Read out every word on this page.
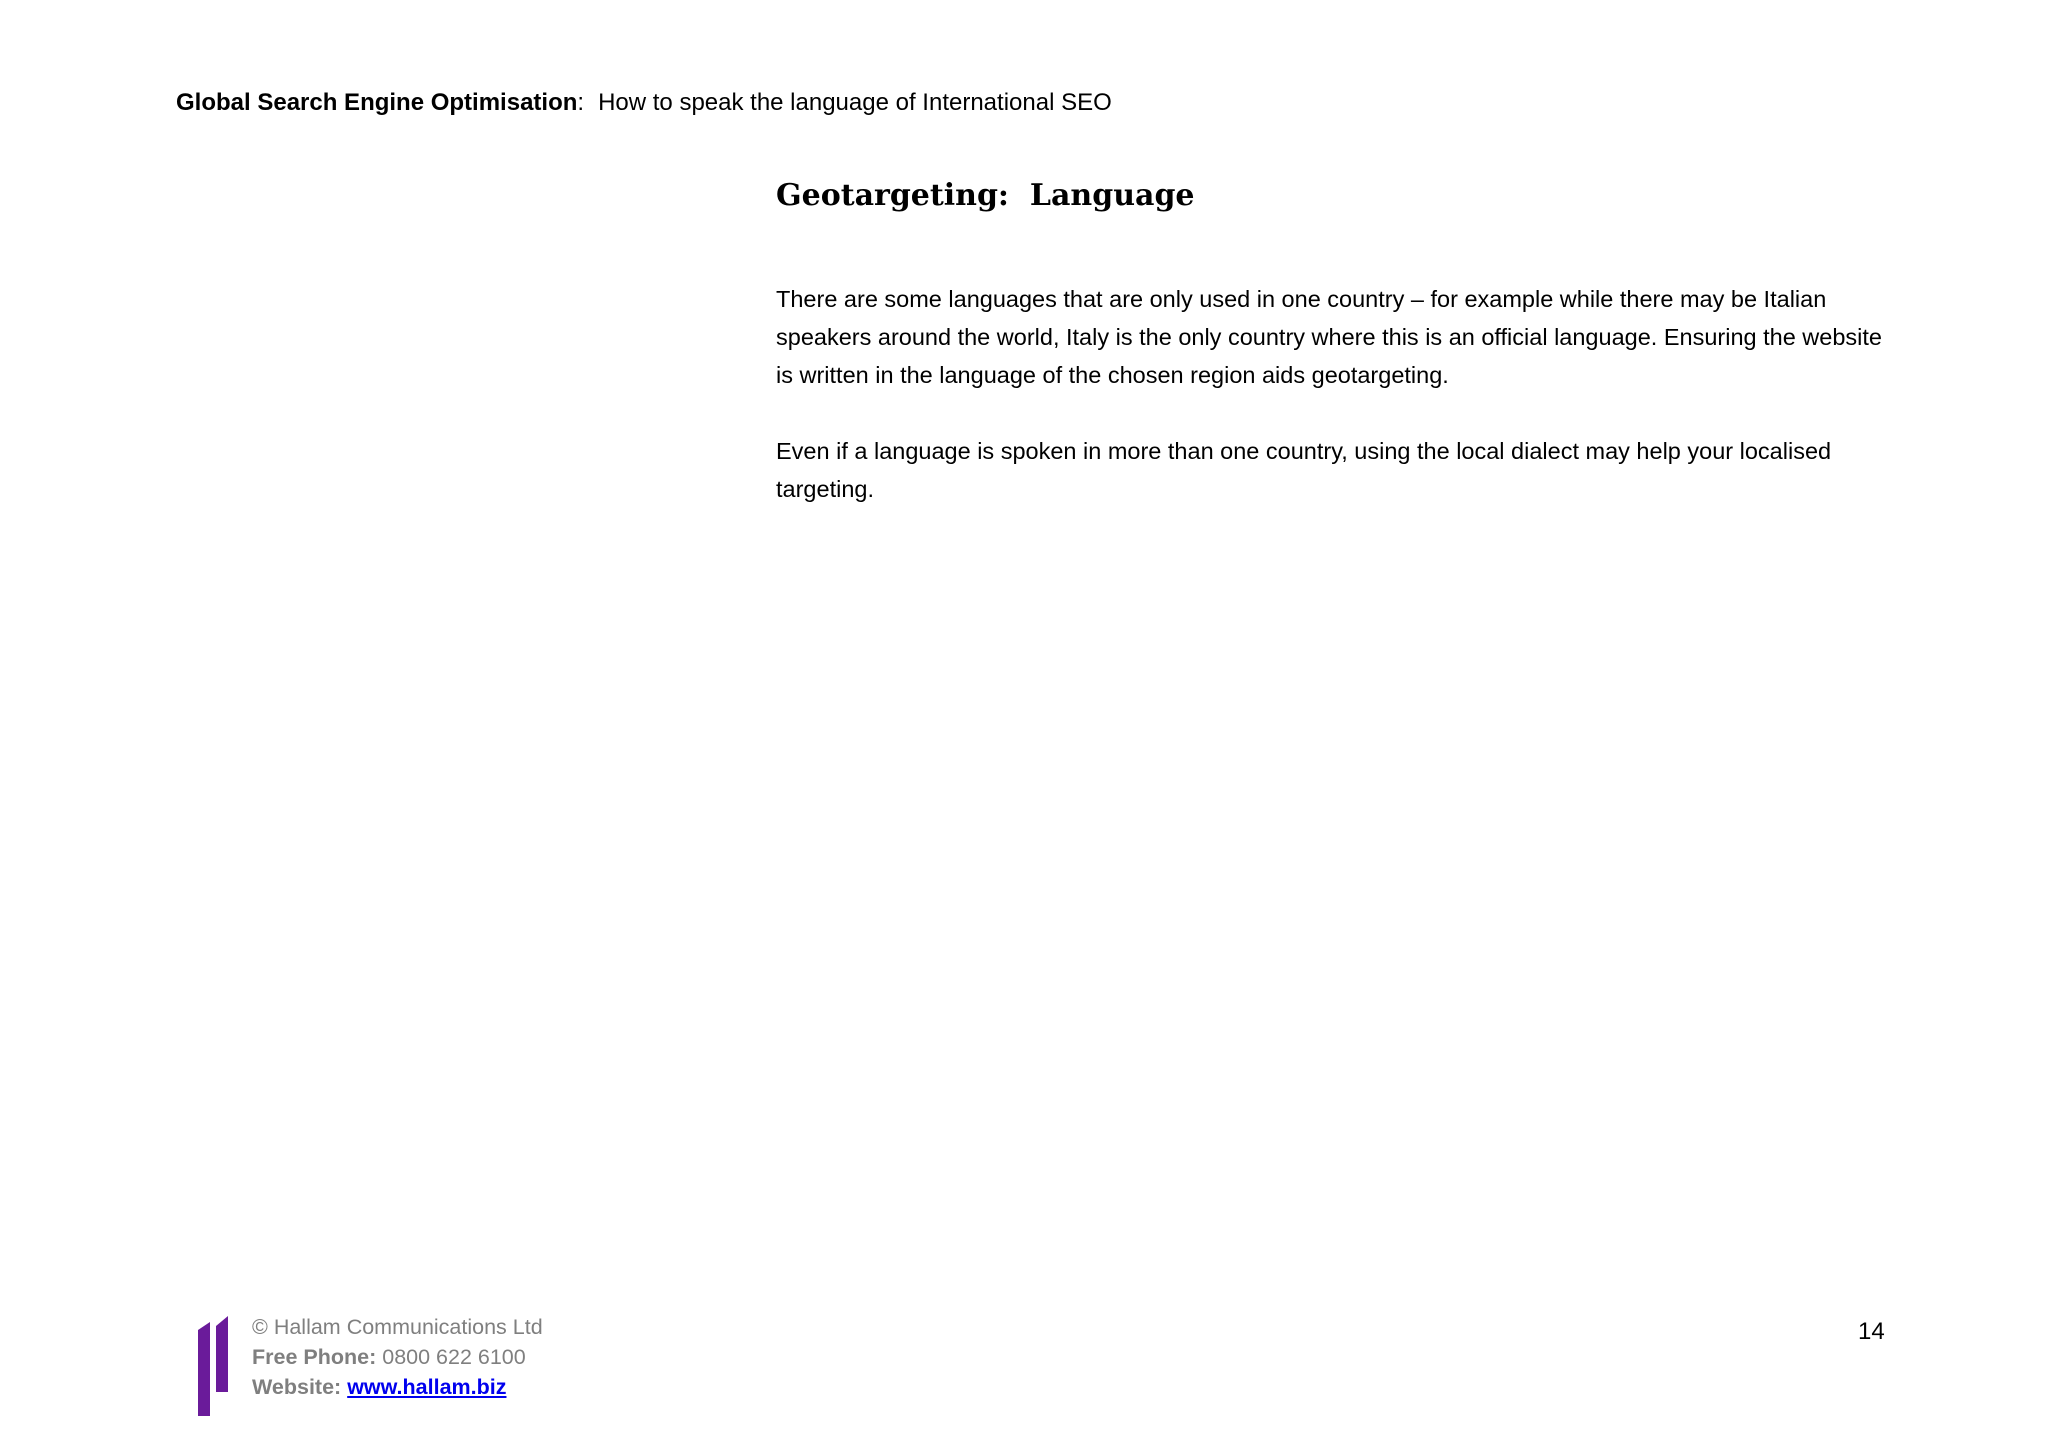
Global Search Engine Optimisation: How to speak the language of International SEO
Geotargeting:  Language

There are some languages that are only used in one country – for example while there may be Italian speakers around the world, Italy is the only country where this is an official language. Ensuring the website is written in the language of the chosen region aids geotargeting.

Even if a language is spoken in more than one country, using the local dialect may help your localised targeting.

© Hallam Communications Ltd
Free Phone: 0800 622 6100
Website: www.hallam.biz
14
